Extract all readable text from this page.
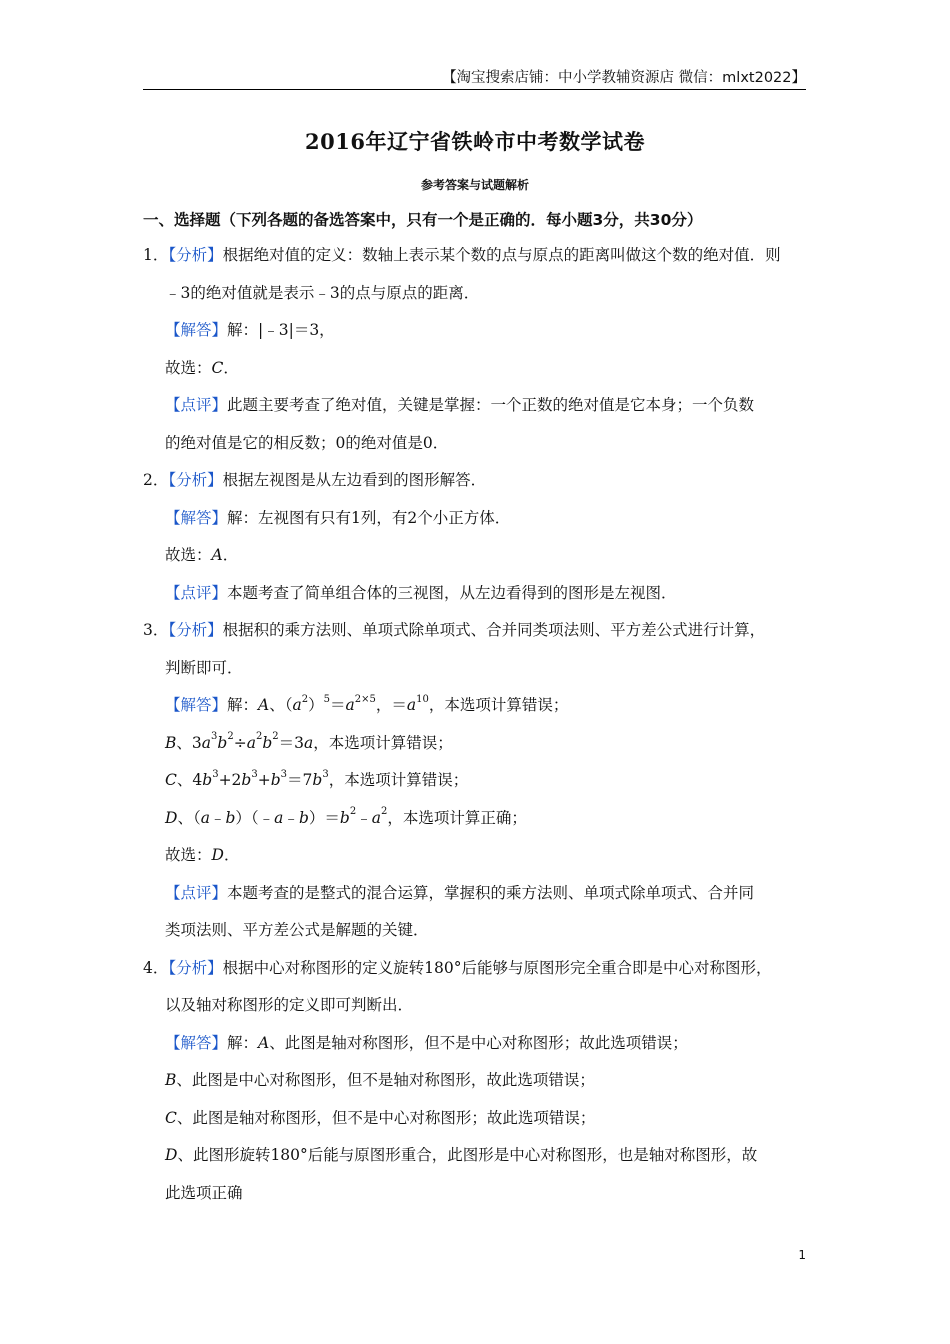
【淘宝搜索店铺：中小学教辅资源店 微信：mlxt2022】
2016年辽宁省铁岭市中考数学试卷
参考答案与试题解析
一、选择题（下列各题的备选答案中，只有一个是正确的．每小题3分，共30分）
1．【分析】根据绝对值的定义：数轴上表示某个数的点与原点的距离叫做这个数的绝对值．则
﹣3的绝对值就是表示﹣3的点与原点的距离．
【解答】解：|﹣3|＝3，
故选：C．
【点评】此题主要考查了绝对值，关键是掌握：一个正数的绝对值是它本身；一个负数
的绝对值是它的相反数；0的绝对值是0．
2．【分析】根据左视图是从左边看到的图形解答．
【解答】解：左视图有只有1列，有2个小正方体．
故选：A．
【点评】本题考查了简单组合体的三视图，从左边看得到的图形是左视图．
3．【分析】根据积的乘方法则、单项式除单项式、合并同类项法则、平方差公式进行计算，
判断即可．
【解答】解：A、$(a^2)^5=a^{2\times 5}$，$=a^{10}$，本选项计算错误；
B、$3a^3b^2\div a^2b^2=3a$，本选项计算错误；
C、$4b^3+2b^3+b^3=7b^3$，本选项计算错误；
D、$(a﹣b)(﹣a﹣b)=b^2﹣a^2$，本选项计算正确；
故选：D．
【点评】本题考查的是整式的混合运算，掌握积的乘方法则、单项式除单项式、合并同
类项法则、平方差公式是解题的关键．
4．【分析】根据中心对称图形的定义旋转180°后能够与原图形完全重合即是中心对称图形，
以及轴对称图形的定义即可判断出．
【解答】解：A、此图是轴对称图形，但不是中心对称图形；故此选项错误；
B、此图是中心对称图形，但不是轴对称图形，故此选项错误；
C、此图是轴对称图形，但不是中心对称图形；故此选项错误；
D、此图形旋转180°后能与原图形重合，此图形是中心对称图形，也是轴对称图形，故
此选项正确
1
